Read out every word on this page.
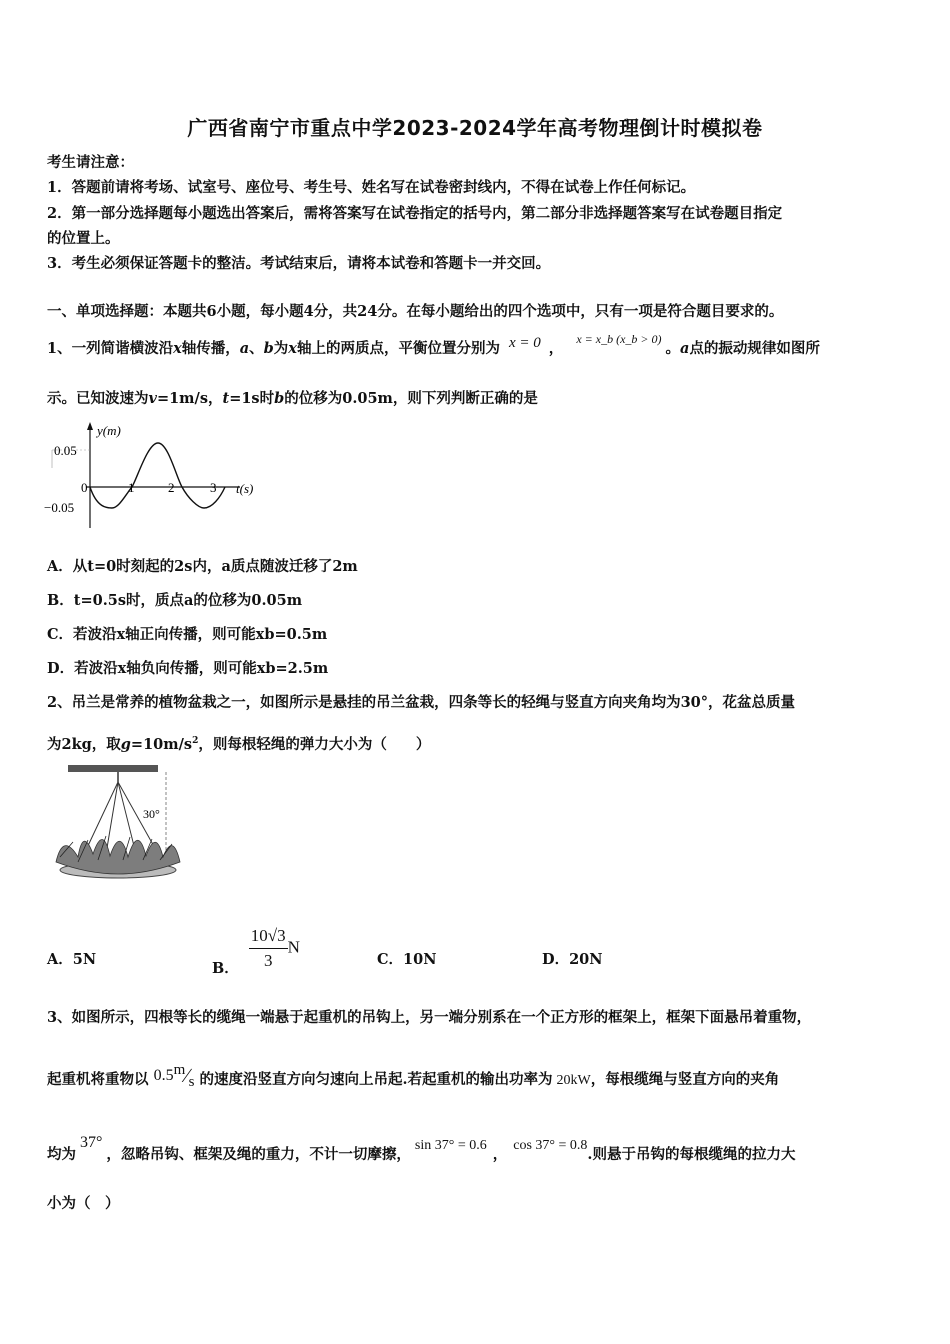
广西省南宁市重点中学2023-2024学年高考物理倒计时模拟卷
考生请注意：
1．答题前请将考场、试室号、座位号、考生号、姓名写在试卷密封线内，不得在试卷上作任何标记。
2．第一部分选择题每小题选出答案后，需将答案写在试卷指定的括号内，第二部分非选择题答案写在试卷题目指定
的位置上。
3．考生必须保证答题卡的整洁。考试结束后，请将本试卷和答题卡一并交回。
一、单项选择题：本题共6小题，每小题4分，共24分。在每小题给出的四个选项中，只有一项是符合题目要求的。
1、一列简谐横波沿x轴传播，a、b为x轴上的两质点，平衡位置分别为 x = 0 ， $^{x = x\_b (x\_b > 0)}$。a点的振动规律如图所
示。已知波速为v=1m/s，t=1s时b的位移为0.05m，则下列判断正确的是
y(m)
t(s)
0.05
−0.05
0	1	2	3
A．从t=0时刻起的2s内，a质点随波迁移了2m
B．t=0.5s时，质点a的位移为0.05m
C．若波沿x轴正向传播，则可能xb=0.5m
D．若波沿x轴负向传播，则可能xb=2.5m
2、吊兰是常养的植物盆栽之一，如图所示是悬挂的吊兰盆栽，四条等长的轻绳与竖直方向夹角均为30°，花盆总质量
为2kg，取$g=10m/s^2$，则每根轻绳的弹力大小为（　　）
30°
A．5N	B． $\frac{10√3}{3}$ N
C．10N	D．20N
3、如图所示，四根等长的缆绳一端悬于起重机的吊钩上，另一端分别系在一个正方形的框架上，框架下面悬吊着重物，
起重机将重物以 0.5m∕s 的速度沿竖直方向匀速向上吊起.若起重机的输出功率为 20kW，每根缆绳与竖直方向的夹角
均为37°，忽略吊钩、框架及绳的重力，不计一切摩擦，sin 37° = 0.6，cos 37° = 0.8.则悬于吊钩的每根缆绳的拉力大
小为（　）
